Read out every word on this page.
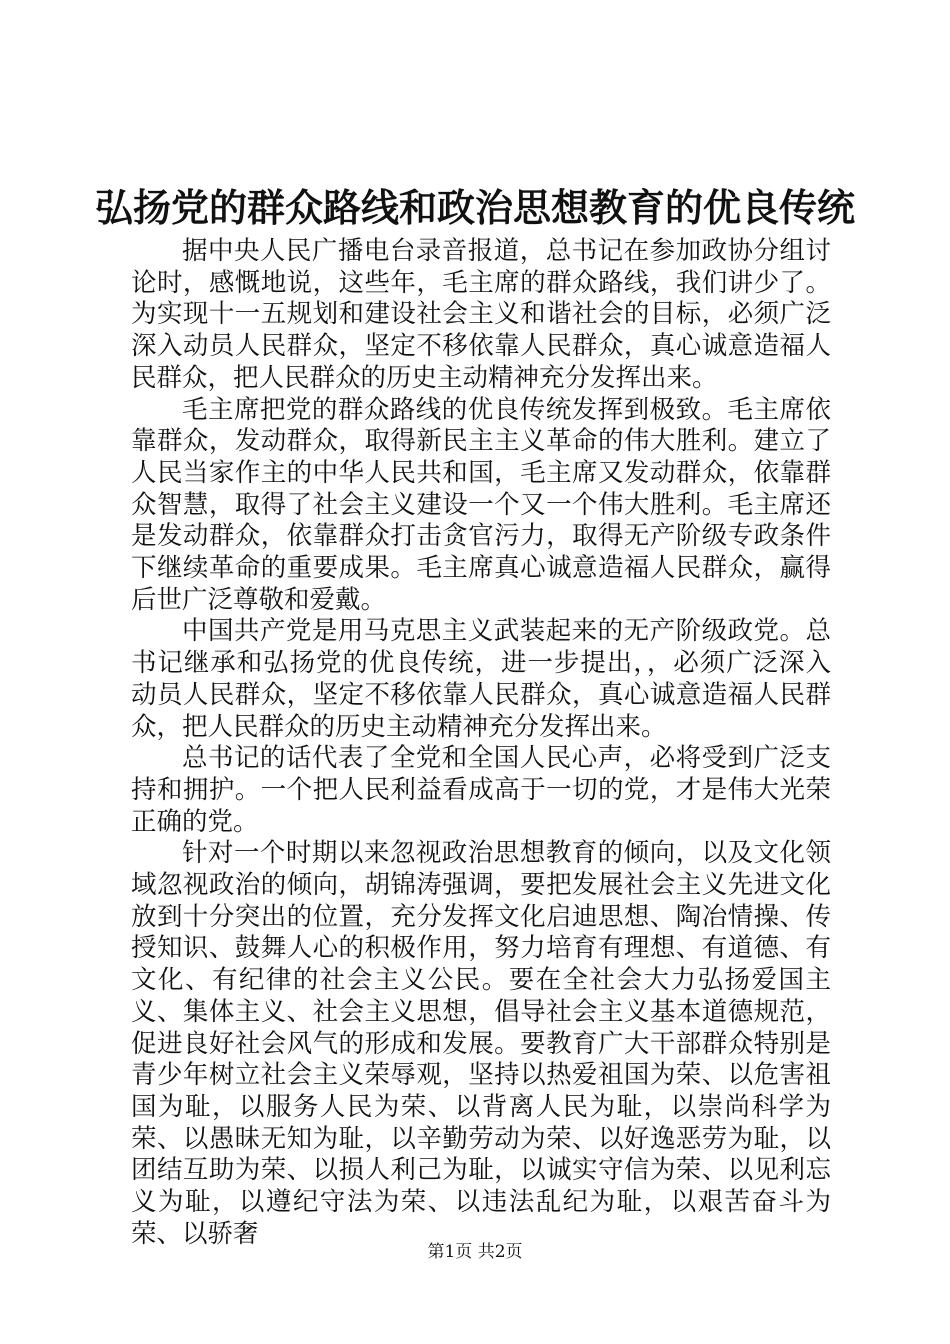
弘扬党的群众路线和政治思想教育的优良传统

据中央人民广播电台录音报道，总书记在参加政协分组讨论时，感慨地说，这些年，毛主席的群众路线，我们讲少了。为实现十一五规划和建设社会主义和谐社会的目标，必须广泛深入动员人民群众，坚定不移依靠人民群众，真心诚意造福人民群众，把人民群众的历史主动精神充分发挥出来。

毛主席把党的群众路线的优良传统发挥到极致。毛主席依靠群众，发动群众，取得新民主主义革命的伟大胜利。建立了人民当家作主的中华人民共和国，毛主席又发动群众，依靠群众智慧，取得了社会主义建设一个又一个伟大胜利。毛主席还是发动群众，依靠群众打击贪官污力，取得无产阶级专政条件下继续革命的重要成果。毛主席真心诚意造福人民群众，赢得后世广泛尊敬和爱戴。

中国共产党是用马克思主义武装起来的无产阶级政党。总书记继承和弘扬党的优良传统，进一步提出，，必须广泛深入动员人民群众，坚定不移依靠人民群众，真心诚意造福人民群众，把人民群众的历史主动精神充分发挥出来。

总书记的话代表了全党和全国人民心声，必将受到广泛支持和拥护。一个把人民利益看成高于一切的党，才是伟大光荣正确的党。

针对一个时期以来忽视政治思想教育的倾向，以及文化领域忽视政治的倾向，胡锦涛强调，要把发展社会主义先进文化放到十分突出的位置，充分发挥文化启迪思想、陶冶情操、传授知识、鼓舞人心的积极作用，努力培育有理想、有道德、有文化、有纪律的社会主义公民。要在全社会大力弘扬爱国主义、集体主义、社会主义思想，倡导社会主义基本道德规范，促进良好社会风气的形成和发展。要教育广大干部群众特别是青少年树立社会主义荣辱观，坚持以热爱祖国为荣、以危害祖国为耻，以服务人民为荣、以背离人民为耻，以崇尚科学为荣、以愚昧无知为耻，以辛勤劳动为荣、以好逸恶劳为耻，以团结互助为荣、以损人利己为耻，以诚实守信为荣、以见利忘义为耻，以遵纪守法为荣、以违法乱纪为耻，以艰苦奋斗为荣、以骄奢

第1页 共2页
